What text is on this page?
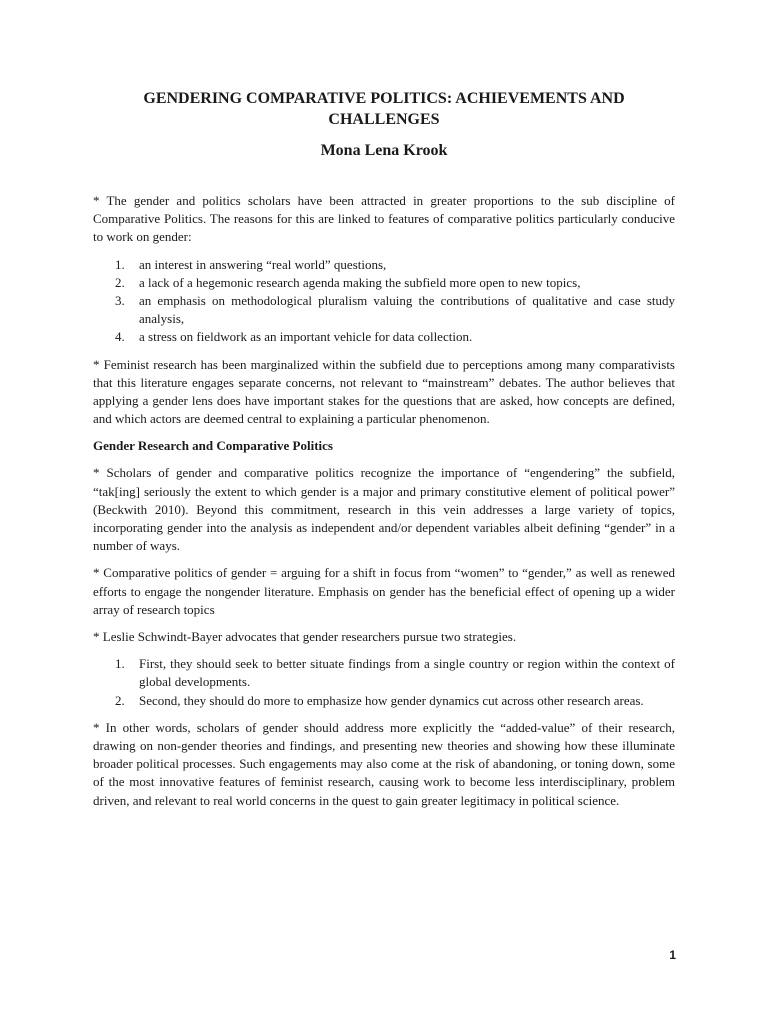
GENDERING COMPARATIVE POLITICS: ACHIEVEMENTS AND CHALLENGES
Mona Lena Krook

* The gender and politics scholars have been attracted in greater proportions to the sub discipline of Comparative Politics. The reasons for this are linked to features of comparative politics particularly conducive to work on gender:

1. an interest in answering “real world” questions,
2. a lack of a hegemonic research agenda making the subfield more open to new topics,
3. an emphasis on methodological pluralism valuing the contributions of qualitative and case study analysis,
4. a stress on fieldwork as an important vehicle for data collection.

* Feminist research has been marginalized within the subfield due to perceptions among many comparativists that this literature engages separate concerns, not relevant to “mainstream” debates. The author believes that applying a gender lens does have important stakes for the questions that are asked, how concepts are defined, and which actors are deemed central to explaining a particular phenomenon.

Gender Research and Comparative Politics

* Scholars of gender and comparative politics recognize the importance of “engendering” the subfield, “tak[ing] seriously the extent to which gender is a major and primary constitutive element of political power” (Beckwith 2010). Beyond this commitment, research in this vein addresses a large variety of topics, incorporating gender into the analysis as independent and/or dependent variables albeit defining “gender” in a number of ways.

* Comparative politics of gender = arguing for a shift in focus from “women” to “gender,” as well as renewed efforts to engage the nongender literature. Emphasis on gender has the beneficial effect of opening up a wider array of research topics

* Leslie Schwindt-Bayer advocates that gender researchers pursue two strategies.

1. First, they should seek to better situate findings from a single country or region within the context of global developments.
2. Second, they should do more to emphasize how gender dynamics cut across other research areas.

* In other words, scholars of gender should address more explicitly the “added-value” of their research, drawing on non-gender theories and findings, and presenting new theories and showing how these illuminate broader political processes. Such engagements may also come at the risk of abandoning, or toning down, some of the most innovative features of feminist research, causing work to become less interdisciplinary, problem driven, and relevant to real world concerns in the quest to gain greater legitimacy in political science.

1
